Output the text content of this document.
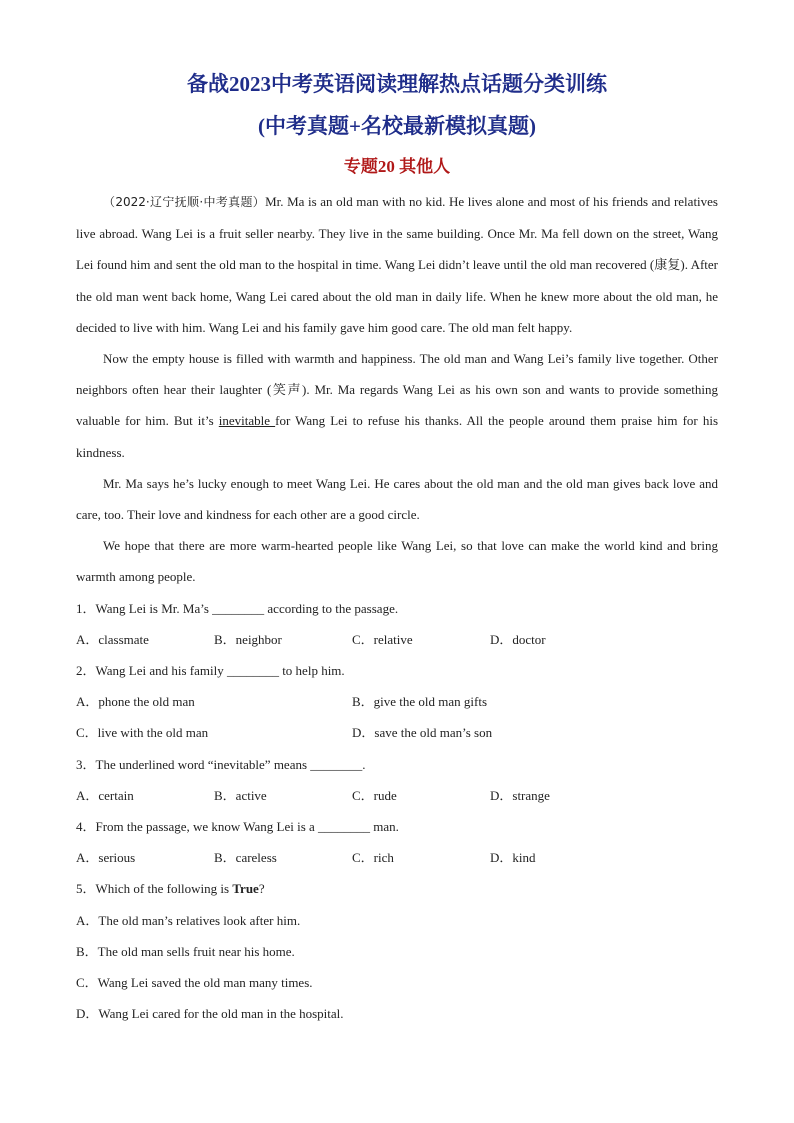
备战2023中考英语阅读理解热点话题分类训练
(中考真题+名校最新模拟真题)
专题20 其他人

（2022·辽宁抚顺·中考真题）Mr. Ma is an old man with no kid. He lives alone and most of his friends and relatives live abroad. Wang Lei is a fruit seller nearby. They live in the same building. Once Mr. Ma fell down on the street, Wang Lei found him and sent the old man to the hospital in time. Wang Lei didn’t leave until the old man recovered (康复). After the old man went back home, Wang Lei cared about the old man in daily life. When he knew more about the old man, he decided to live with him. Wang Lei and his family gave him good care. The old man felt happy.

Now the empty house is filled with warmth and happiness. The old man and Wang Lei’s family live together. Other neighbors often hear their laughter (笑声). Mr. Ma regards Wang Lei as his own son and wants to provide something valuable for him. But it’s inevitable for Wang Lei to refuse his thanks. All the people around them praise him for his kindness.

Mr. Ma says he’s lucky enough to meet Wang Lei. He cares about the old man and the old man gives back love and care, too. Their love and kindness for each other are a good circle.

We hope that there are more warm-hearted people like Wang Lei, so that love can make the world kind and bring warmth among people.

1．Wang Lei is Mr. Ma’s ________ according to the passage.

A．classmate	B．neighbor	C．relative	D．doctor

2．Wang Lei and his family ________ to help him.

A．phone the old man	B．give the old man gifts
C．live with the old man	D．save the old man’s son

3．The underlined word “inevitable” means ________.

A．certain	B．active	C．rude	D．strange

4．From the passage, we know Wang Lei is a ________ man.

A．serious	B．careless	C．rich	D．kind

5．Which of the following is True?

A．The old man’s relatives look after him.

B．The old man sells fruit near his home.

C．Wang Lei saved the old man many times.

D．Wang Lei cared for the old man in the hospital.
